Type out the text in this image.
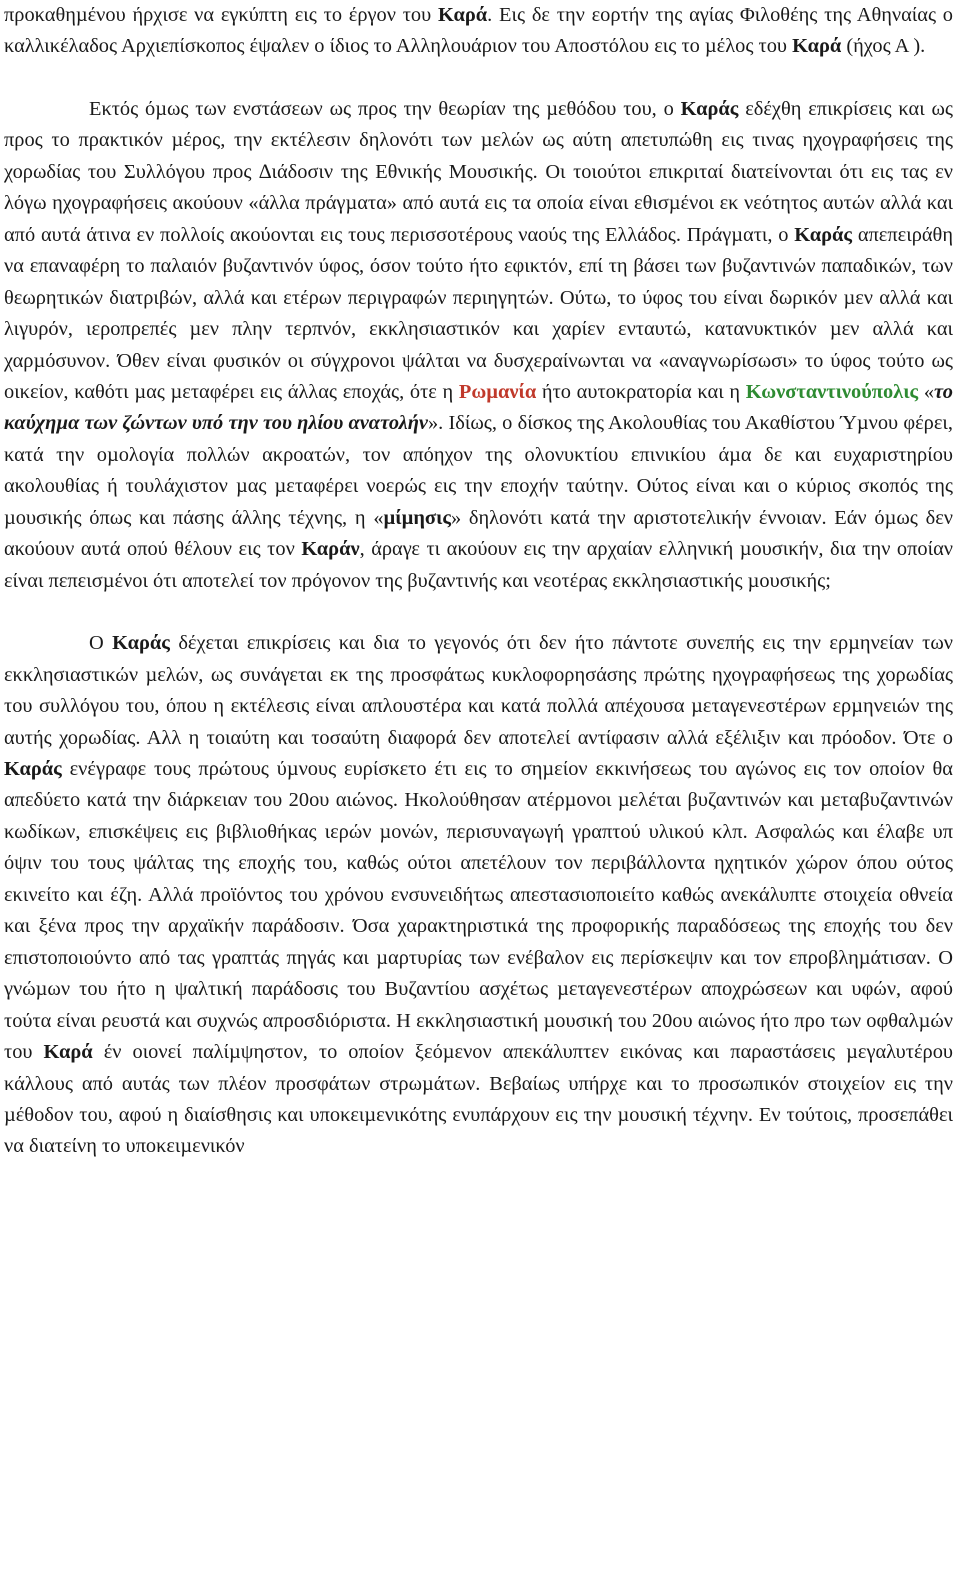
προκαθηµένου ήρχισε να εγκύπτη εις το έργον του Καρά. Εις δε την εορτήν της αγίας Φιλοθέης της Αθηναίας ο καλλικέλαδος Αρχιεπίσκοπος έψαλεν ο ίδιος το Αλληλουάριον του Αποστόλου εις το µέλος του Καρά (ήχος Α ).

Εκτός όµως των ενστάσεων ως προς την θεωρίαν της µεθόδου του, ο Καράς εδέχθη επικρίσεις και ως προς το πρακτικόν µέρος, την εκτέλεσιν δηλονότι των µελών ως αύτη απετυπώθη εις τινας ηχογραφήσεις της χορωδίας του Συλλόγου προς ∆ιάδοσιν της Εθνικής Μουσικής. Οι τοιούτοι επικριταί διατείνονται ότι εις τας εν λόγω ηχογραφήσεις ακούουν «άλλα πράγµατα» από αυτά εις τα οποία είναι εθισµένοι εκ νεότητος αυτών αλλά και από αυτά άτινα εν πολλοίς ακούονται εις τους περισσοτέρους ναούς της Ελλάδος. Πράγµατι, ο Καράς απεπειράθη να επαναφέρη το παλαιόν βυζαντινόν ύφος, όσον τούτο ήτο εφικτόν, επί τη βάσει των βυζαντινών παπαδικών, των θεωρητικών διατριβών, αλλά και ετέρων περιγραφών περιηγητών. Ούτω, το ύφος του είναι δωρικόν µεν αλλά και λιγυρόν, ιεροπρεπές µεν πλην τερπνόν, εκκλησιαστικόν και χαρίεν ενταυτώ, κατανυκτικόν µεν αλλά και χαρµόσυνον. Όθεν είναι φυσικόν οι σύγχρονοι ψάλται να δυσχεραίνωνται να «αναγνωρίσωσι» το ύφος τούτο ως οικείον, καθότι µας µεταφέρει εις άλλας εποχάς, ότε η Ρωµανία ήτο αυτοκρατορία και η Κωνσταντινούπολις «το καύχηµα των ζώντων υπό την του ηλίου ανατολήν». Ιδίως, ο δίσκος της Ακολουθίας του Ακαθίστου Ύµνου φέρει, κατά την οµολογία πολλών ακροατών, τον απόηχον της ολονυκτίου επινικίου άµα δε και ευχαριστηρίου ακολουθίας ή τουλάχιστον µας µεταφέρει νοερώς εις την εποχήν ταύτην. Ούτος είναι και ο κύριος σκοπός της µουσικής όπως και πάσης άλλης τέχνης, η «µίµησις» δηλονότι κατά την αριστοτελικήν έννοιαν. Εάν όµως δεν ακούουν αυτά οπού θέλουν εις τον Καράν, άραγε τι ακούουν εις την αρχαίαν ελληνική µουσικήν, δια την οποίαν είναι πεπεισµένοι ότι αποτελεί τον πρόγονον της βυζαντινής και νεοτέρας εκκλησιαστικής µουσικής;

Ο Καράς δέχεται επικρίσεις και δια το γεγονός ότι δεν ήτο πάντοτε συνεπής εις την ερµηνείαν των εκκλησιαστικών µελών, ως συνάγεται εκ της προσφάτως κυκλοφορησάσης πρώτης ηχογραφήσεως της χορωδίας του συλλόγου του, όπου η εκτέλεσις είναι απλουστέρα και κατά πολλά απέχουσα µεταγενεστέρων ερµηνειών της αυτής χορωδίας. Αλλ η τοιαύτη και τοσαύτη διαφορά δεν αποτελεί αντίφασιν αλλά εξέλιξιν και πρόοδον. Ότε ο Καράς ενέγραφε τους πρώτους ύµνους ευρίσκετο έτι εις το σηµείον εκκινήσεως του αγώνος εις τον οποίον θα απεδύετο κατά την διάρκειαν του 20ου αιώνος. Ηκολούθησαν ατέρµονοι µελέται βυζαντινών και µεταβυζαντινών κωδίκων, επισκέψεις εις βιβλιοθήκας ιερών µονών, περισυναγωγή γραπτού υλικού κλπ. Ασφαλώς και έλαβε υπ όψιν του τους ψάλτας της εποχής του, καθώς ούτοι απετέλουν τον περιβάλλοντα ηχητικόν χώρον όπου ούτος εκινείτο και έζη. Αλλά προϊόντος του χρόνου ενσυνειδήτως απεστασιοποιείτο καθώς ανεκάλυπτε στοιχεία οθνεία και ξένα προς την αρχαϊκήν παράδοσιν. Όσα χαρακτηριστικά της προφορικής παραδόσεως της εποχής του δεν επιστοποιούντο από τας γραπτάς πηγάς και µαρτυρίας των ενέβαλον εις περίσκεψιν και τον επροβληµάτισαν. Ο γνώµων του ήτο η ψαλτική παράδοσις του Βυζαντίου ασχέτως µεταγενεστέρων αποχρώσεων και υφών, αφού τούτα είναι ρευστά και συχνώς απροσδιόριστα. Η εκκλησιαστική µουσική του 20ου αιώνος ήτο προ των οφθαλµών του Καρά έν οιονεί παλίµψηστον, το οποίον ξεόµενον απεκάλυπτεν εικόνας και παραστάσεις µεγαλυτέρου κάλλους από αυτάς των πλέον προσφάτων στρωµάτων. Βεβαίως υπήρχε και το προσωπικόν στοιχείον εις την µέθοδον του, αφού η διαίσθησις και υποκειµενικότης ενυπάρχουν εις την µουσική τέχνην. Εν τούτοις, προσεπάθει να διατείνη το υποκειµενικόν
